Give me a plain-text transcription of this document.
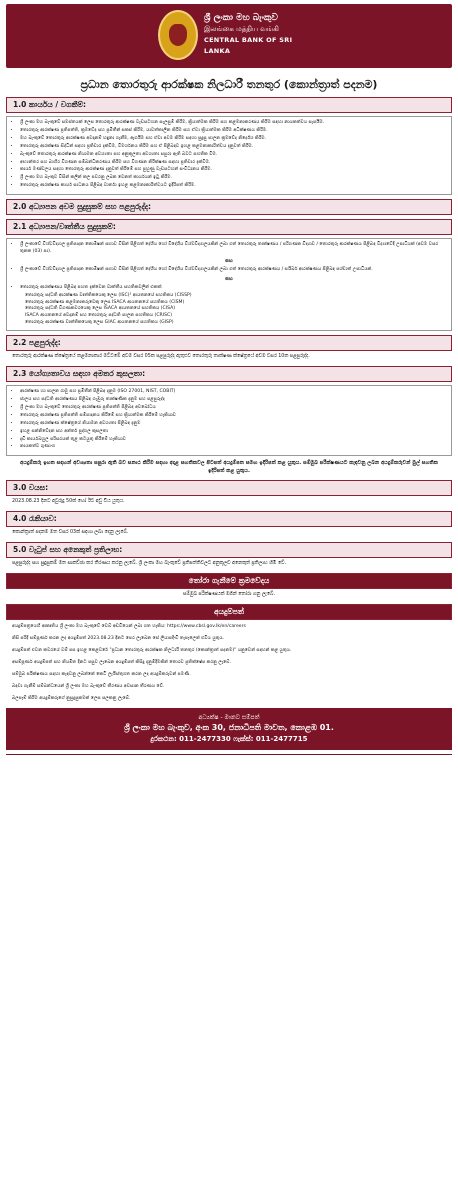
ශ්‍රී ලංකා මහ බැංකුව
இலங்கை மத்திய வங்கி
CENTRAL BANK OF SRI LANKA
ප්‍රධාන තොරතුරු ආරක්ෂක නිලධාරී තනතුර (කොන්ත්‍රාත් පදනම)
1.0 කාර්යය / වගකීම්:
• ශ්‍රී ලංකා මහ බැංකුවේ සමස්තයක් ලෙස තොරතුරු ආරක්ෂණ වැඩසටහන සැලසුම් කිරීම, ක්‍රියාත්මක කිරීම සහ කළමනාකරණය කිරීම සඳහා නායකත්වය සැපයීම.
• තොරතුරු ආරක්ෂණ ප්‍රතිපත්ති, ක්‍රමවේද සහ ප්‍රමිතීන් සකස් කිරීම, යාවත්කාලීන කිරීම සහ ඒවා ක්‍රියාත්මක කිරීම අධීක්ෂණය කිරීම.
• මහ බැංකුවේ තොරතුරු ආරක්ෂණ අවදානම් හඳුනා ගැනීම, ඇගයීම සහ ඒවා අවම කිරීම සඳහා සුදුසු පාලන ක්‍රමවේද නිර්දේශ කිරීම.
• තොරතුරු ආරක්ෂණ සිද්ධීන් සඳහා ප්‍රතිචාර දැක්වීම, විමර්ශනය කිරීම සහ ඒ පිළිබඳව ඉහළ කළමනාකාරිත්වය දැනුවත් කිරීම.
• බැංකුවේ තොරතුරු ආරක්ෂණ නියාමන අවශ්‍යතා සහ අනුකූලතා අවශ්‍යතා සපුරා ඇති බවට සහතික වීම.
• අභ්‍යන්තර සහ බාහිර විගණන සම්බන්ධීකරණය කිරීම සහ විගණන නිරීක්ෂණ සඳහා ප්‍රතිචාර දැක්වීම.
• කාර්ය මණ්ඩලය සඳහා තොරතුරු ආරක්ෂණ දැනුවත් කිරීමේ සහ පුහුණු වැඩසටහන් සංවිධානය කිරීම.
• ශ්‍රී ලංකා මහ බැංකුව විසින් කලින් කල පවරනු ලබන වෙනත් කාර්යයන් ඉටු කිරීම.
• තොරතුරු ආරක්ෂණ කාර්ය සාධනය පිළිබඳ වාර්තා ඉහළ කළමනාකාරිත්වයට ඉදිරිපත් කිරීම.
2.0 අධ්‍යාපන අවම සුදුසුකම් සහ පළපුරුද්ද:
2.1 අධ්‍යාපන/වෘත්තීය සුදුසුකම්:
• ශ්‍රී ලංකාවේ විශ්වවිද්‍යාල ප්‍රතිපාදන කොමිෂන් සභාව විසින් පිළිගත් දේශීය හෝ විදේශීය විශ්වවිද්‍යාලයකින් ලබා ගත් තොරතුරු තාක්ෂණය / පරිගණක විද්‍යාව / තොරතුරු ආරක්ෂණය පිළිබඳ විද්‍යාවේදී උපාධියක් (අවම වසර තුනක (03) පා).
සහ
• ශ්‍රී ලංකාවේ විශ්වවිද්‍යාල ප්‍රතිපාදන කොමිෂන් සභාව විසින් පිළිගත් දේශීය හෝ විදේශීය විශ්වවිද්‍යාලයකින් ලබා ගත් තොරතුරු ආරක්ෂණය / සයිබර් ආරක්ෂණය පිළිබඳ පශ්චාත් උපාධියක්.
සහ
• තොරතුරු ආරක්ෂණය පිළිබඳ පහත දැක්වෙන වෘත්තීය සහතිකවලින් එකක්:
තොරතුරු පද්ධති ආරක්ෂණ වෘත්තිකයෙකු ලෙස (ISC)² ආයතනයේ සහතිකය (CISSP)
තොරතුරු ආරක්ෂණ කළමනාකරුවෙකු ලෙස ISACA ආයතනයේ සහතිකය (CISM)
තොරතුරු පද්ධති විගණකවරයෙකු ලෙස ISACA ආයතනයේ සහතිකය (CISA)
ISACA ආයතනයේ අවදානම් සහ තොරතුරු පද්ධති පාලන සහතිකය (CRISC)
තොරතුරු ආරක්ෂණ වෘත්තිකයෙකු ලෙස GIAC ආයතනයේ සහතිකය (GISP)
2.2 පළපුරුද්ද:
තොරතුරු ආරක්ෂණ ක්ෂේත්‍රයේ කළමනාකාර මට්ටමේ අවම වසර 05ක පළපුරුද්ද ඇතුළුව තොරතුරු තාක්ෂණ ක්ෂේත්‍රයේ අවම වසර 10ක පළපුරුද්ද.
2.3 යෝග්‍යතාවය සඳහා අමතර කුසලතා:
• ආරක්ෂණ හා පාලන රාමු සහ ප්‍රමිතීන් පිළිබඳ දැනුම (ISO 27001, NIST, COBIT)
• ජාලය සහ පද්ධති ආරක්ෂණය පිළිබඳ ගැඹුරු තාක්ෂණික දැනුම සහ පළපුරුද්ද
• ශ්‍රී ලංකා මහ බැංකුවේ තොරතුරු ආරක්ෂණ ප්‍රතිපත්ති පිළිබඳ අවබෝධය
• තොරතුරු ආරක්ෂණ ප්‍රතිපත්ති සම්පාදනය කිරීමේ සහ ක්‍රියාත්මක කිරීමේ හැකියාව
• තොරතුරු ආරක්ෂණ ක්ෂේත්‍රයේ නියාමන අවශ්‍යතා පිළිබඳ දැනුම
• ඉහළ සන්නිවේදන සහ අන්තර් පුද්ගල කුසලතා
• දැඩි කාර්යබහුල පරිසරයක් තුළ කටයුතු කිරීමේ හැකියාව
• නායකත්ව ගුණාංග
අයදුම්කරු ඉහත සඳහන් අවශ්‍යතා සපුරා ඇති බව සනාථ කිරීම සඳහා අදාළ සහතිකවල පිටපත් අයදුම්පත සමඟ ඉදිරිපත් කළ යුතුය. සම්මුඛ පරීක්ෂණයට කැඳවනු ලබන අයදුම්කරුවන් මුල් සහතික ඉදිරිපත් කළ යුතුය.
3.0 වයස:
2023.08.23 දිනට අවුරුදු 50ක් හෝ ඊට අඩු විය යුතුය.
4.0 රැකියාව:
කොන්ත්‍රාත් පදනම මත වසර 03ක් සඳහා ලබා දෙනු ලැබේ.
5.0 වැටුප් සහ අනෙකුත් ප්‍රතිලාභ:
පළපුරුද්ද සහ සුදුසුකම් මත සාකච්ඡා කර තීරණය කරනු ලැබේ. ශ්‍රී ලංකා මහ බැංකුවේ ප්‍රතිපත්තිවලට අනුකූලව අනෙකුත් ප්‍රතිලාභ හිමි වේ.
තෝරා ගැනීමේ ක්‍රමවේදය
සම්මුඛ පරීක්ෂණයක් මගින් තෝරා ගනු ලැබේ.
අයදුම්පත්

අයදුම්පත්‍රයෙහි ආකෘතිය ශ්‍රී ලංකා මහ බැංකුවේ වෙබ් අඩවියෙන් ලබා ගත හැකිය: https://www.cbsl.gov.lk/en/careers

නිසි පරිදි සම්පූර්ණ කරන ලද අයදුම්පත් 2023.08.23 දිනට පෙර ලැබෙන සේ ලියාපදිංචි තැපෑලෙන් එවිය යුතුය.

අයදුම්පත් එවන කවරයේ වම් පස ඉහළ කෙළවරේ "ප්‍රධාන තොරතුරු ආරක්ෂක නිලධාරී තනතුර (කොන්ත්‍රාත් පදනම)" යනුවෙන් සඳහන් කළ යුතුය.

අසම්පූර්ණ අයදුම්පත් සහ නියමිත දිනට පසුව ලැබෙන අයදුම්පත් කිසිදු දැනුම්දීමකින් තොරව ප්‍රතික්ෂේප කරනු ලැබේ.

සම්මුඛ පරීක්ෂණය සඳහා කැඳවනු ලබන්නේ කෙටි ලැයිස්තුගත කරන ලද අයදුම්කරුවන් පමණි.

බඳවා ගැනීම් සම්බන්ධයෙන් ශ්‍රී ලංකා මහ බැංකුවේ තීරණය අවසාන තීරණය වේ.

බලපෑම් කිරීම අයදුම්කරුගේ නුසුදුසුකමක් ලෙස සලකනු ලැබේ.

අධ්‍යක්ෂ - මානව සම්පත්
ශ්‍රී ලංකා මහ බැංකුව, අංක 30, ජනාධිපති මාවත, කොළඹ 01.
දුරකථන: 011-2477330 ෆැක්ස්: 011-2477715
